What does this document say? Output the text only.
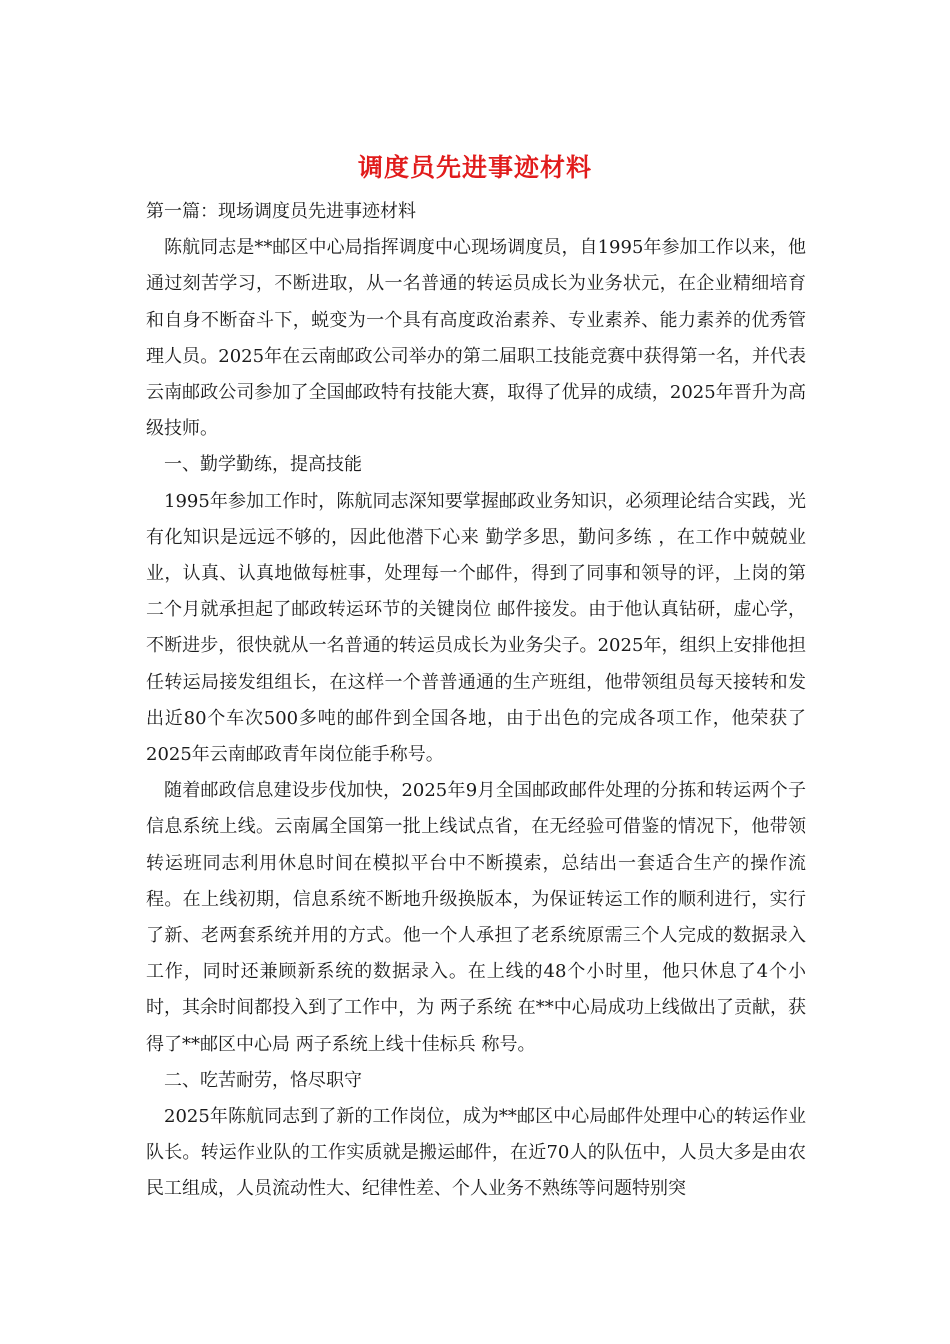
调度员先进事迹材料

第一篇：现场调度员先进事迹材料

陈航同志是**邮区中心局指挥调度中心现场调度员，自1995年参加工作以来，他通过刻苦学习，不断进取，从一名普通的转运员成长为业务状元，在企业精细培育和自身不断奋斗下，蜕变为一个具有高度政治素养、专业素养、能力素养的优秀管理人员。2025年在云南邮政公司举办的第二届职工技能竞赛中获得第一名，并代表云南邮政公司参加了全国邮政特有技能大赛，取得了优异的成绩，2025年晋升为高级技师。

一、勤学勤练，提高技能

1995年参加工作时，陈航同志深知要掌握邮政业务知识，必须理论结合实践，光有化知识是远远不够的，因此他潜下心来 勤学多思，勤问多练 ，在工作中兢兢业业，认真、认真地做每桩事，处理每一个邮件，得到了同事和领导的评，上岗的第二个月就承担起了邮政转运环节的关键岗位 邮件接发。由于他认真钻研，虚心学，不断进步，很快就从一名普通的转运员成长为业务尖子。2025年，组织上安排他担任转运局接发组组长，在这样一个普普通通的生产班组，他带领组员每天接转和发出近80个车次500多吨的邮件到全国各地，由于出色的完成各项工作，他荣获了2025年云南邮政青年岗位能手称号。

随着邮政信息建设步伐加快，2025年9月全国邮政邮件处理的分拣和转运两个子信息系统上线。云南属全国第一批上线试点省，在无经验可借鉴的情况下，他带领转运班同志利用休息时间在模拟平台中不断摸索，总结出一套适合生产的操作流程。在上线初期，信息系统不断地升级换版本，为保证转运工作的顺利进行，实行了新、老两套系统并用的方式。他一个人承担了老系统原需三个人完成的数据录入工作，同时还兼顾新系统的数据录入。在上线的48个小时里，他只休息了4个小时，其余时间都投入到了工作中，为 两子系统 在**中心局成功上线做出了贡献，获得了**邮区中心局 两子系统上线十佳标兵 称号。

二、吃苦耐劳，恪尽职守

2025年陈航同志到了新的工作岗位，成为**邮区中心局邮件处理中心的转运作业队长。转运作业队的工作实质就是搬运邮件，在近70人的队伍中，人员大多是由农民工组成，人员流动性大、纪律性差、个人业务不熟练等问题特别突
